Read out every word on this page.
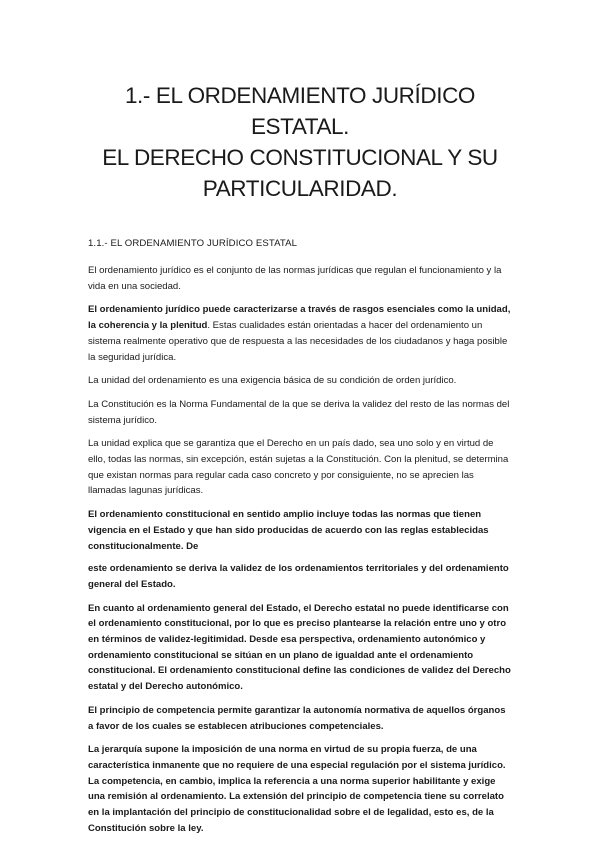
1.- EL ORDENAMIENTO JURÍDICO ESTATAL.
EL DERECHO CONSTITUCIONAL Y SU
PARTICULARIDAD.
1.1.- EL ORDENAMIENTO JURÍDICO ESTATAL

El ordenamiento jurídico es el conjunto de las normas jurídicas que regulan el funcionamiento y la vida en una sociedad.

El ordenamiento jurídico puede caracterizarse a través de rasgos esenciales como la unidad, la coherencia y la plenitud. Estas cualidades están orientadas a hacer del ordenamiento un sistema realmente operativo que de respuesta a las necesidades de los ciudadanos y haga posible la seguridad jurídica.

La unidad del ordenamiento es una exigencia básica de su condición de orden jurídico.

La Constitución es la Norma Fundamental de la que se deriva la validez del resto de las normas del sistema jurídico.

La unidad explica que se garantiza que el Derecho en un país dado, sea uno solo y en virtud de ello, todas las normas, sin excepción, están sujetas a la Constitución. Con la plenitud, se determina que existan normas para regular cada caso concreto y por consiguiente, no se aprecien las llamadas lagunas jurídicas.

El ordenamiento constitucional en sentido amplio incluye todas las normas que tienen vigencia en el Estado y que han sido producidas de acuerdo con las reglas establecidas constitucionalmente. De

este ordenamiento se deriva la validez de los ordenamientos territoriales y del ordenamiento general del Estado.

En cuanto al ordenamiento general del Estado, el Derecho estatal no puede identificarse con el ordenamiento constitucional, por lo que es preciso plantearse la relación entre uno y otro en términos de validez-legitimidad. Desde esa perspectiva, ordenamiento autonómico y ordenamiento constitucional se sitúan en un plano de igualdad ante el ordenamiento constitucional. El ordenamiento constitucional define las condiciones de validez del Derecho estatal y del Derecho autonómico.

El principio de competencia permite garantizar la autonomía normativa de aquellos órganos a favor de los cuales se establecen atribuciones competenciales.

La jerarquía supone la imposición de una norma en virtud de su propia fuerza, de una característica inmanente que no requiere de una especial regulación por el sistema jurídico. La competencia, en cambio, implica la referencia a una norma superior habilitante y exige una remisión al ordenamiento. La extensión del principio de competencia tiene su correlato en la implantación del principio de constitucionalidad sobre el de legalidad, esto es, de la Constitución sobre la ley.
